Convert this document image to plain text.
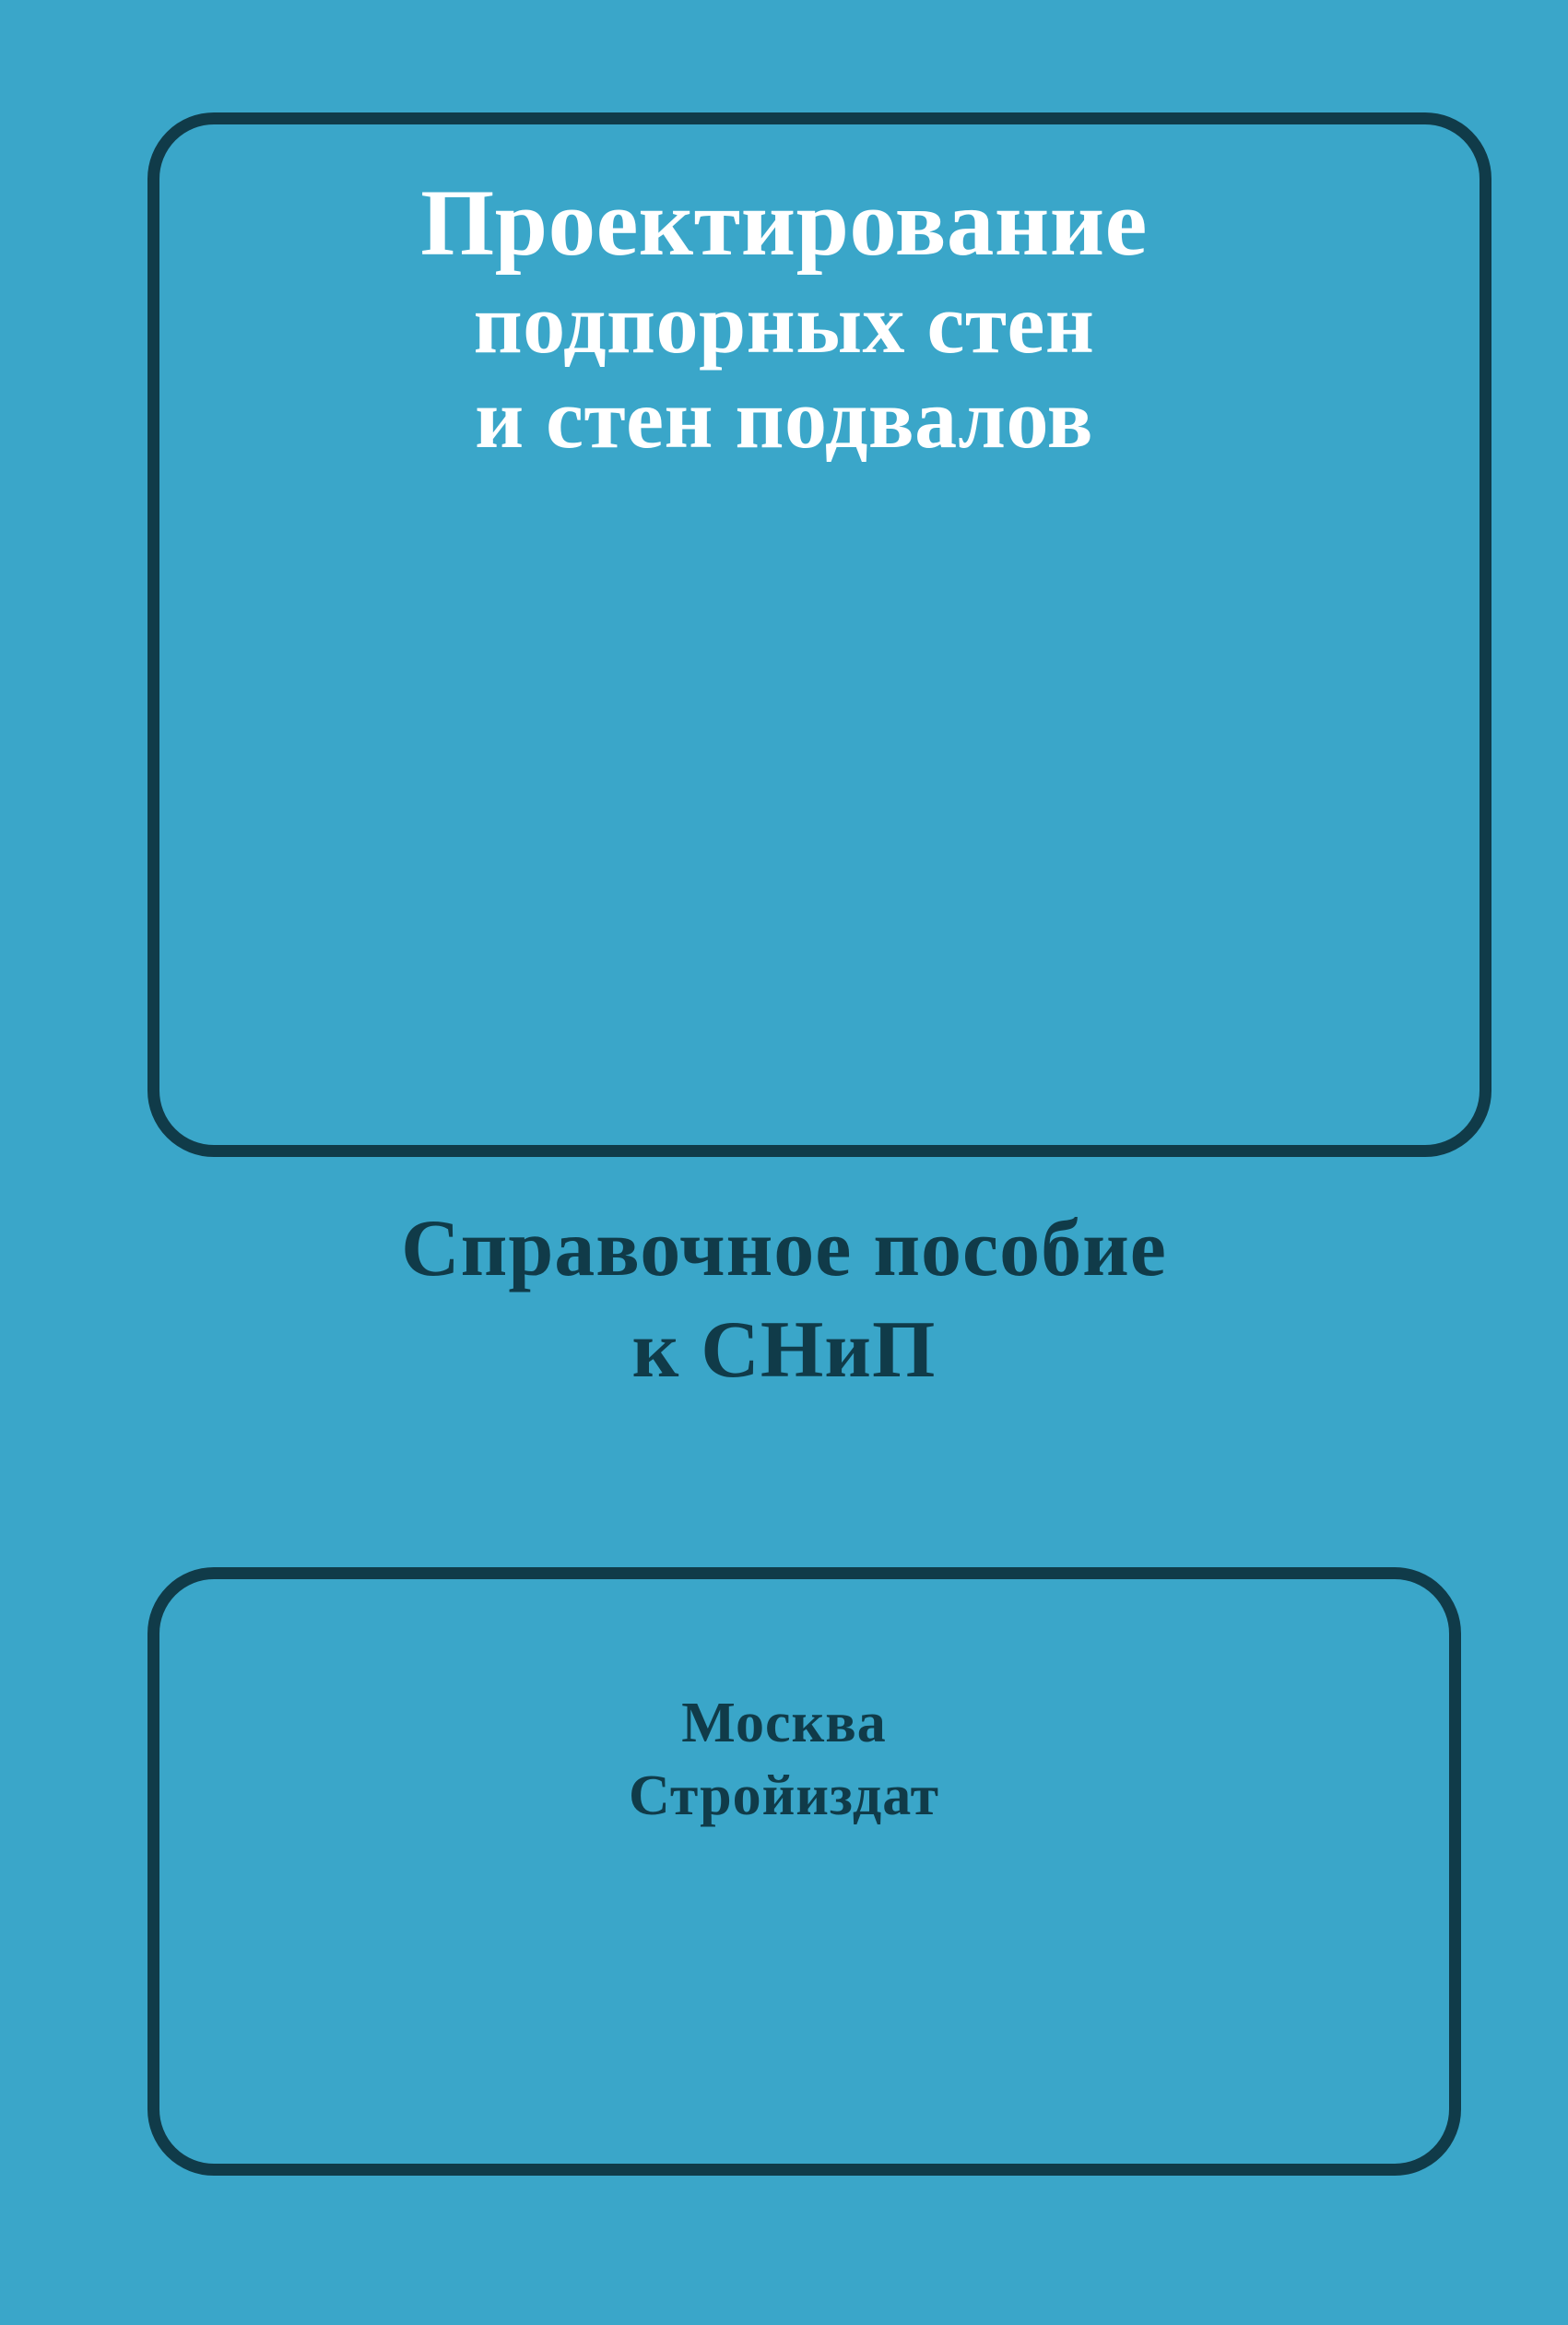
Проектирование
подпорных стен
и стен подвалов
Справочное пособие
к СНиП
Москва
Стройиздат
